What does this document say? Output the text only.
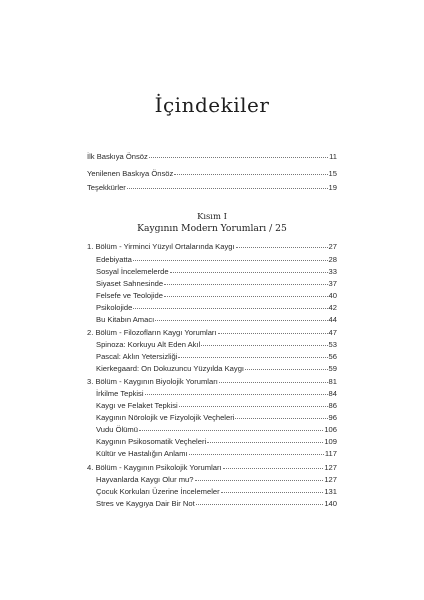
İçindekiler
İlk Baskıya Önsöz	11
Yenilenen Baskıya Önsöz	15
Teşekkürler	19
Kısım I
Kaygının Modern Yorumları / 25
1. Bölüm - Yirminci Yüzyıl Ortalarında Kaygı	27
Edebiyatta	28
Sosyal İncelemelerde	33
Siyaset Sahnesinde	37
Felsefe ve Teolojide	40
Psikolojide	42
Bu Kitabın Amacı	44
2. Bölüm - Filozofların Kaygı Yorumları	47
Spinoza: Korkuyu Alt Eden Akıl	53
Pascal: Aklın Yetersizliği	56
Kierkegaard: On Dokuzuncu Yüzyılda Kaygı	59
3. Bölüm - Kaygının Biyolojik Yorumları	81
İrkilme Tepkisi	84
Kaygı ve Felaket Tepkisi	86
Kaygının Nörolojik ve Fizyolojik Veçheleri	96
Vudu Ölümü	106
Kaygının Psikosomatik Veçheleri	109
Kültür ve Hastalığın Anlamı	117
4. Bölüm - Kaygının Psikolojik Yorumları	127
Hayvanlarda Kaygı Olur mu?	127
Çocuk Korkuları Üzerine İncelemeler	131
Stres ve Kaygıya Dair Bir Not	140
